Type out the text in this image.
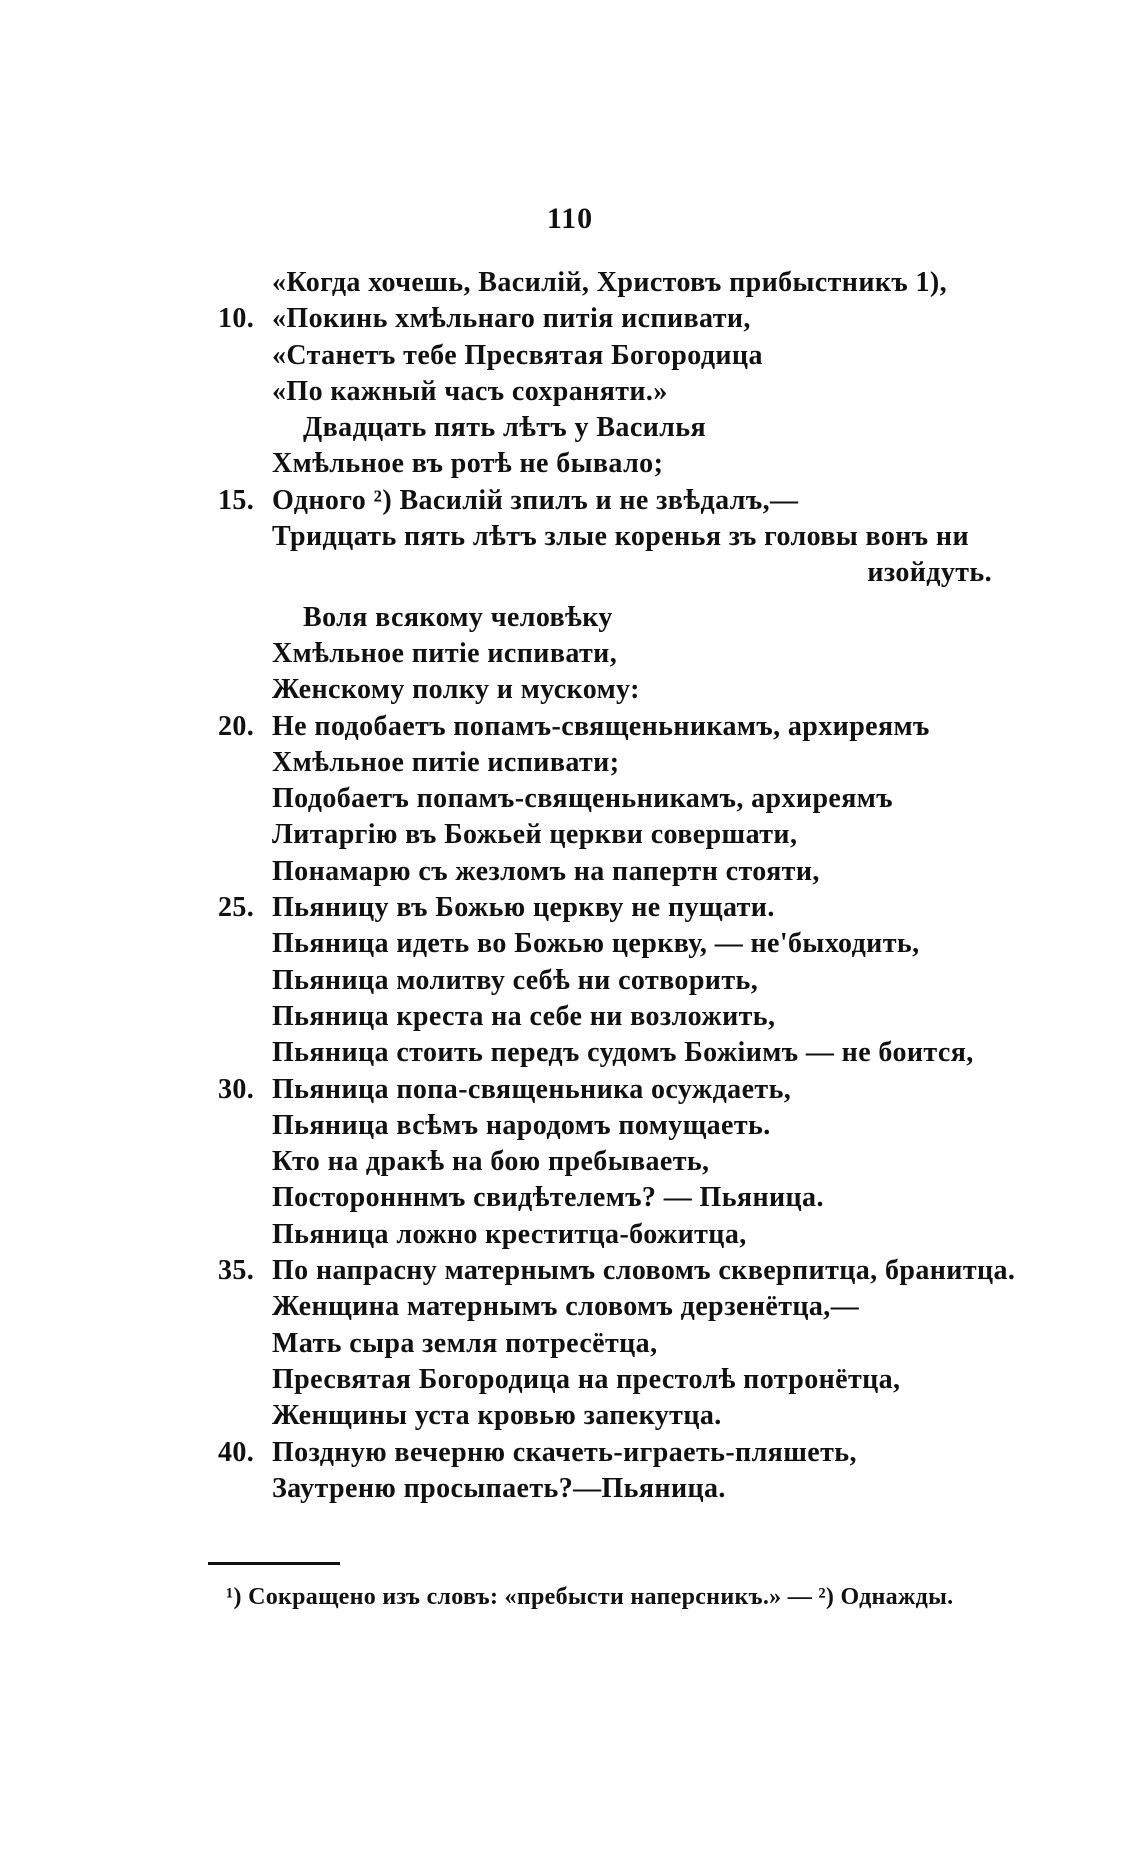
110
«Когда хочешь, Василій, Христовъ прибыстникъ 1),
10. «Покинь хмѣльнаго питія испивати,
«Станетъ тебе Пресвятая Богородица
«По кажный часъ сохраняти.»
Двадцать пять лѣтъ у Василья
Хмѣльное въ ротѣ не бывало;
15. Одного ²) Василій зпилъ и не звѣдалъ,—
Тридцать пять лѣтъ злые коренья зъ головы вонъ ни
изойдуть.
Воля всякому человѣку
Хмѣльное питіе испивати,
Женскому полку и мускому:
20. Не подобаетъ попамъ-священьникамъ, архиреямъ
Хмѣльное питіе испивати;
Подобаетъ попамъ-священьникамъ, архиреямъ
Литаргію въ Божьей церкви совершати,
Понамарю съ жезломъ на папертн стояти,
25. Пьяницу въ Божью церкву не пущати.
Пьяница идеть во Божью церкву, — не'быходить,
Пьяница молитву себѣ ни сотворить,
Пьяница креста на себе ни возложить,
Пьяница стоить передъ судомъ Божіимъ — не боится,
30. Пьяница попа-священьника осуждаеть,
Пьяница всѣмъ народомъ помущаеть.
Кто на дракѣ на бою пребываеть,
Посторонннмъ свидѣтелемъ? — Пьяница.
Пьяница ложно креститца-божитца,
35. По напрасну матернымъ словомъ скверпитца, бранитца.
Женщина матернымъ словомъ дерзенётца,—
Мать сыра земля потресётца,
Пресвятая Богородица на престолѣ потронётца,
Женщины уста кровью запекутца.
40. Поздную вечерню скачеть-играеть-пляшеть,
Заутреню просыпаеть?—Пьяница.
¹) Сокращено изъ словъ: «пребысти наперсникъ.» — ²) Однажды.
